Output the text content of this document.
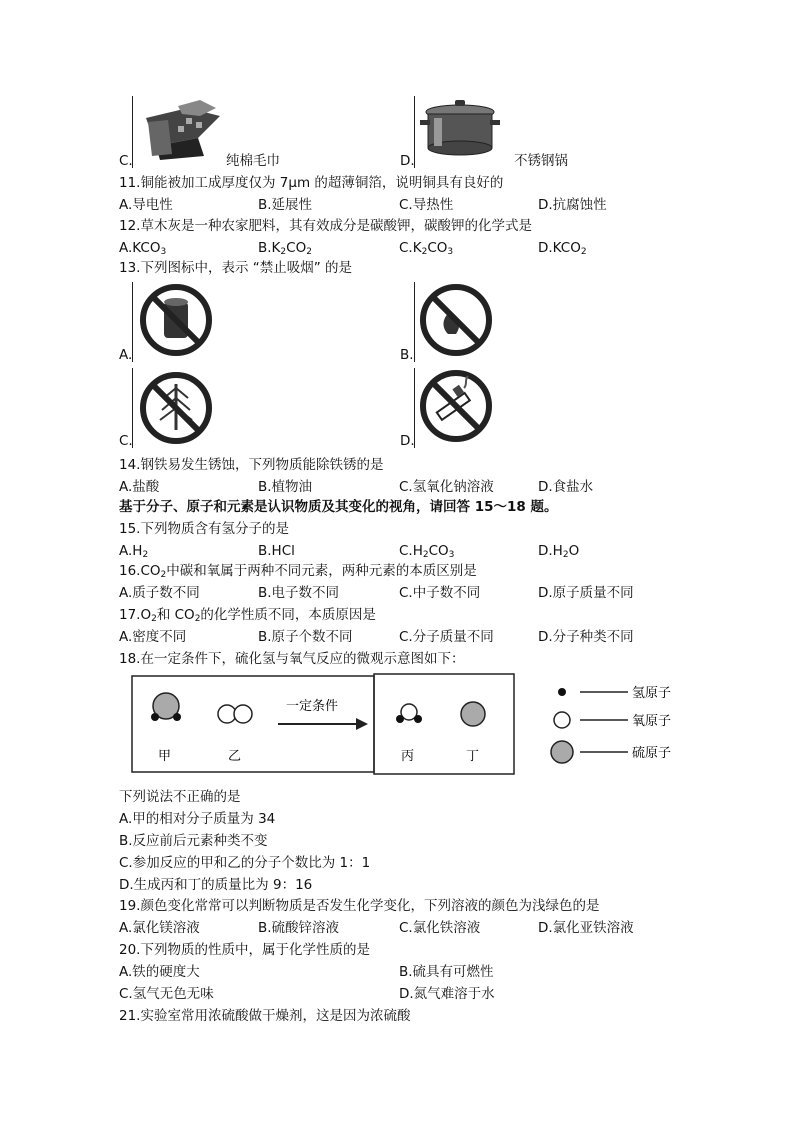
C.	纯棉毛巾	D.	不锈钢锅
11.铜能被加工成厚度仅为 7μm 的超薄铜箔，说明铜具有良好的
A.导电性	B.延展性	C.导热性	D.抗腐蚀性
12.草木灰是一种农家肥料，其有效成分是碳酸钾，碳酸钾的化学式是
$A.KCO_3$	$B.K_2CO_2$	$C.K_2CO_3$	$D.KCO_2$
13.下列图标中，表示 “禁止吸烟” 的是
A.	B.
C.	D.
14.钢铁易发生锈蚀，下列物质能除铁锈的是
A.盐酸	B.植物油	C.氢氧化钠溶液	D.食盐水
基于分子、原子和元素是认识物质及其变化的视角，请回答 15～18 题。
15.下列物质含有氢分子的是
$A.H_2$	B.HCl	$C.H_2CO_3$	$D.H_2O$
$16.CO_2$中碳和氧属于两种不同元素，两种元素的本质区别是
A.质子数不同	B.电子数不同	C.中子数不同	D.原子质量不同
$17.O_2$和 $CO_2$的化学性质不同，本质原因是
A.密度不同	B.原子个数不同	C.分子质量不同	D.分子种类不同
18.在一定条件下，硫化氢与氧气反应的微观示意图如下：
甲	乙
一定条件
丙	丁
氢原子
氧原子
硫原子
下列说法不正确的是
A.甲的相对分子质量为 34
B.反应前后元素种类不变
C.参加反应的甲和乙的分子个数比为 1：1
D.生成丙和丁的质量比为 9：16
19.颜色变化常常可以判断物质是否发生化学变化，下列溶液的颜色为浅绿色的是
A.氯化镁溶液	B.硫酸锌溶液	C.氯化铁溶液	D.氯化亚铁溶液
20.下列物质的性质中，属于化学性质的是
A.铁的硬度大	B.硫具有可燃性
C.氢气无色无味	D.氮气难溶于水
21.实验室常用浓硫酸做干燥剂，这是因为浓硫酸
